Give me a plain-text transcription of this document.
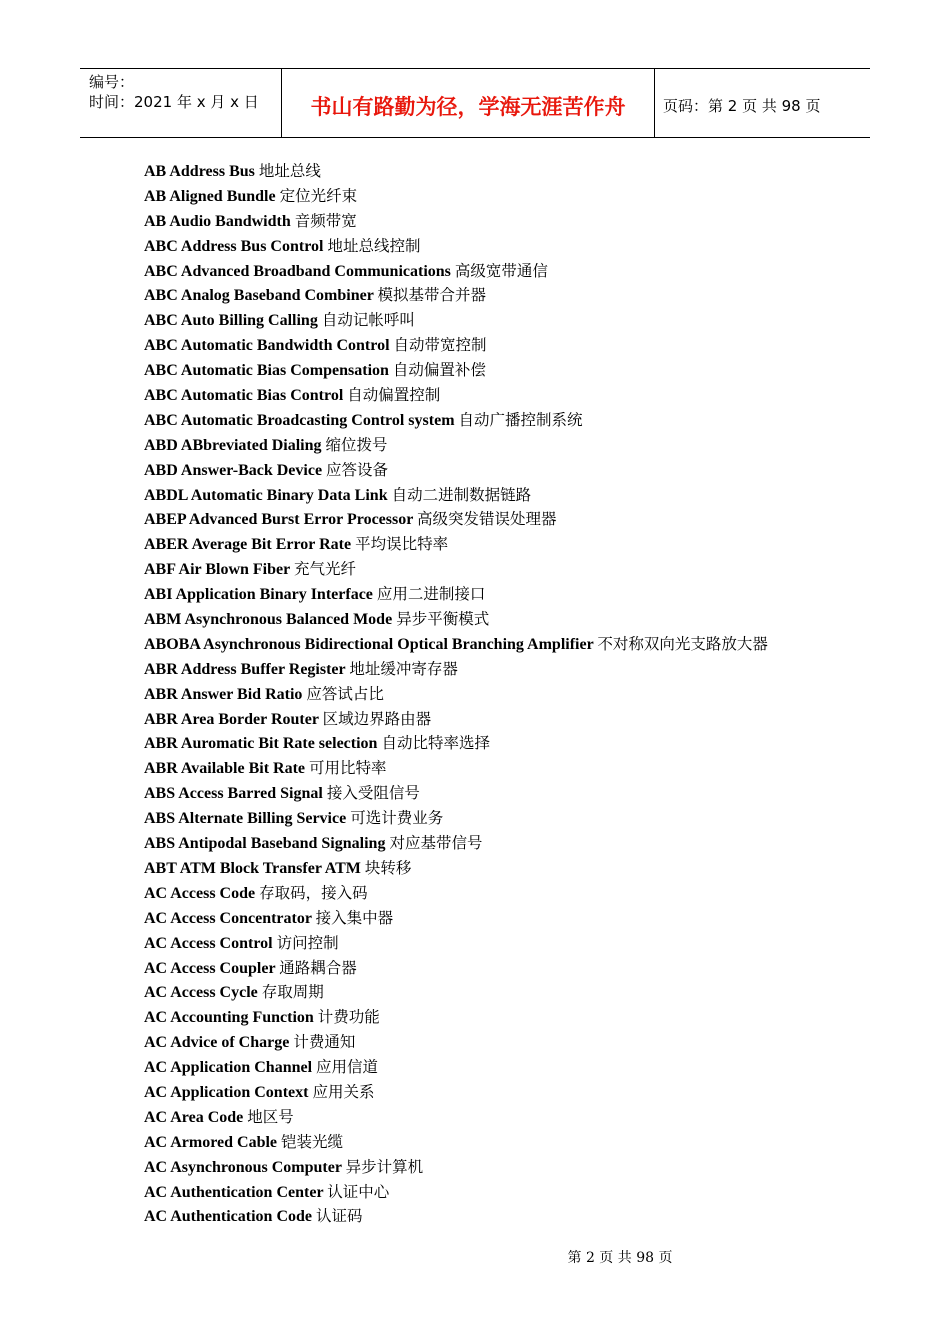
编号：
时间：2021 年 x 月 x 日	书山有路勤为径，学海无涯苦作舟	页码：第 2 页 共 98 页
AB Address Bus 地址总线
AB Aligned Bundle 定位光纤束
AB Audio Bandwidth 音频带宽
ABC Address Bus Control 地址总线控制
ABC Advanced Broadband Communications 高级宽带通信
ABC Analog Baseband Combiner 模拟基带合并器
ABC Auto Billing Calling 自动记帐呼叫
ABC Automatic Bandwidth Control 自动带宽控制
ABC Automatic Bias Compensation 自动偏置补偿
ABC Automatic Bias Control 自动偏置控制
ABC Automatic Broadcasting Control system 自动广播控制系统
ABD ABbreviated Dialing 缩位拨号
ABD Answer-Back Device 应答设备
ABDL Automatic Binary Data Link 自动二进制数据链路
ABEP Advanced Burst Error Processor 高级突发错误处理器
ABER Average Bit Error Rate 平均误比特率
ABF Air Blown Fiber 充气光纤
ABI Application Binary Interface 应用二进制接口
ABM Asynchronous Balanced Mode 异步平衡模式
ABOBA Asynchronous Bidirectional Optical Branching Amplifier 不对称双向光支路放大器
ABR Address Buffer Register 地址缓冲寄存器
ABR Answer Bid Ratio 应答试占比
ABR Area Border Router 区域边界路由器
ABR Auromatic Bit Rate selection 自动比特率选择
ABR Available Bit Rate 可用比特率
ABS Access Barred Signal 接入受阻信号
ABS Alternate Billing Service 可选计费业务
ABS Antipodal Baseband Signaling 对应基带信号
ABT ATM Block Transfer ATM 块转移
AC Access Code 存取码，接入码
AC Access Concentrator 接入集中器
AC Access Control 访问控制
AC Access Coupler 通路耦合器
AC Access Cycle 存取周期
AC Accounting Function 计费功能
AC Advice of Charge 计费通知
AC Application Channel 应用信道
AC Application Context 应用关系
AC Area Code 地区号
AC Armored Cable 铠装光缆
AC Asynchronous Computer 异步计算机
AC Authentication Center 认证中心
AC Authentication Code 认证码
第 2 页 共 98 页
